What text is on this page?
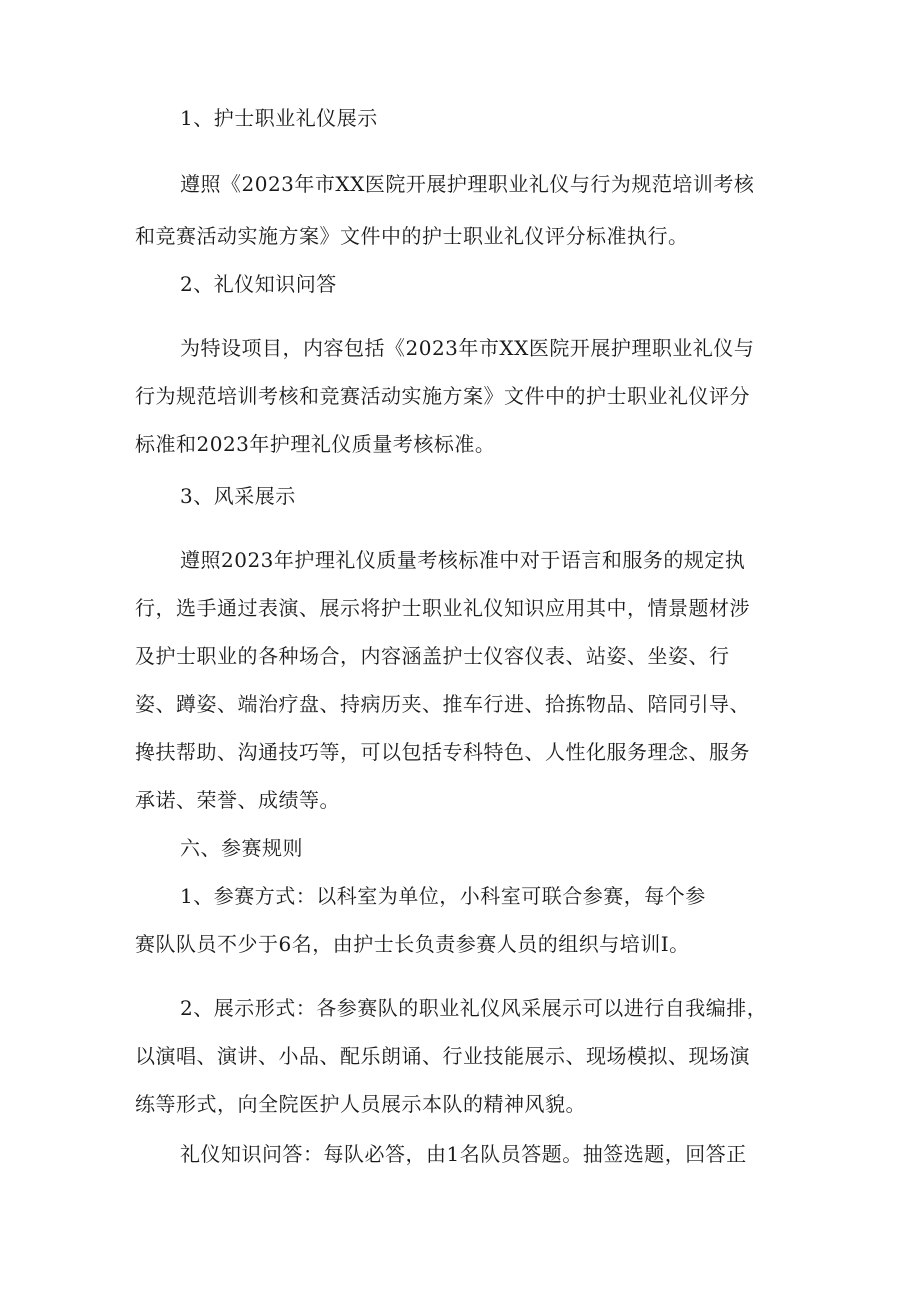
1、护士职业礼仪展示
遵照《2023年市XX医院开展护理职业礼仪与行为规范培训考核
和竞赛活动实施方案》文件中的护士职业礼仪评分标准执行。
2、礼仪知识问答
为特设项目，内容包括《2023年市XX医院开展护理职业礼仪与
行为规范培训考核和竞赛活动实施方案》文件中的护士职业礼仪评分
标准和2023年护理礼仪质量考核标准。
3、风采展示
遵照2023年护理礼仪质量考核标准中对于语言和服务的规定执
行，选手通过表演、展示将护士职业礼仪知识应用其中，情景题材涉
及护士职业的各种场合，内容涵盖护士仪容仪表、站姿、坐姿、行
姿、蹲姿、端治疗盘、持病历夹、推车行进、拾拣物品、陪同引导、
搀扶帮助、沟通技巧等，可以包括专科特色、人性化服务理念、服务
承诺、荣誉、成绩等。
六、参赛规则
1、参赛方式：以科室为单位，小科室可联合参赛，每个参
赛队队员不少于6名，由护士长负责参赛人员的组织与培训I。
2、展示形式：各参赛队的职业礼仪风采展示可以进行自我编排，
以演唱、演讲、小品、配乐朗诵、行业技能展示、现场模拟、现场演
练等形式，向全院医护人员展示本队的精神风貌。
礼仪知识问答：每队必答，由1名队员答题。抽签选题，回答正
